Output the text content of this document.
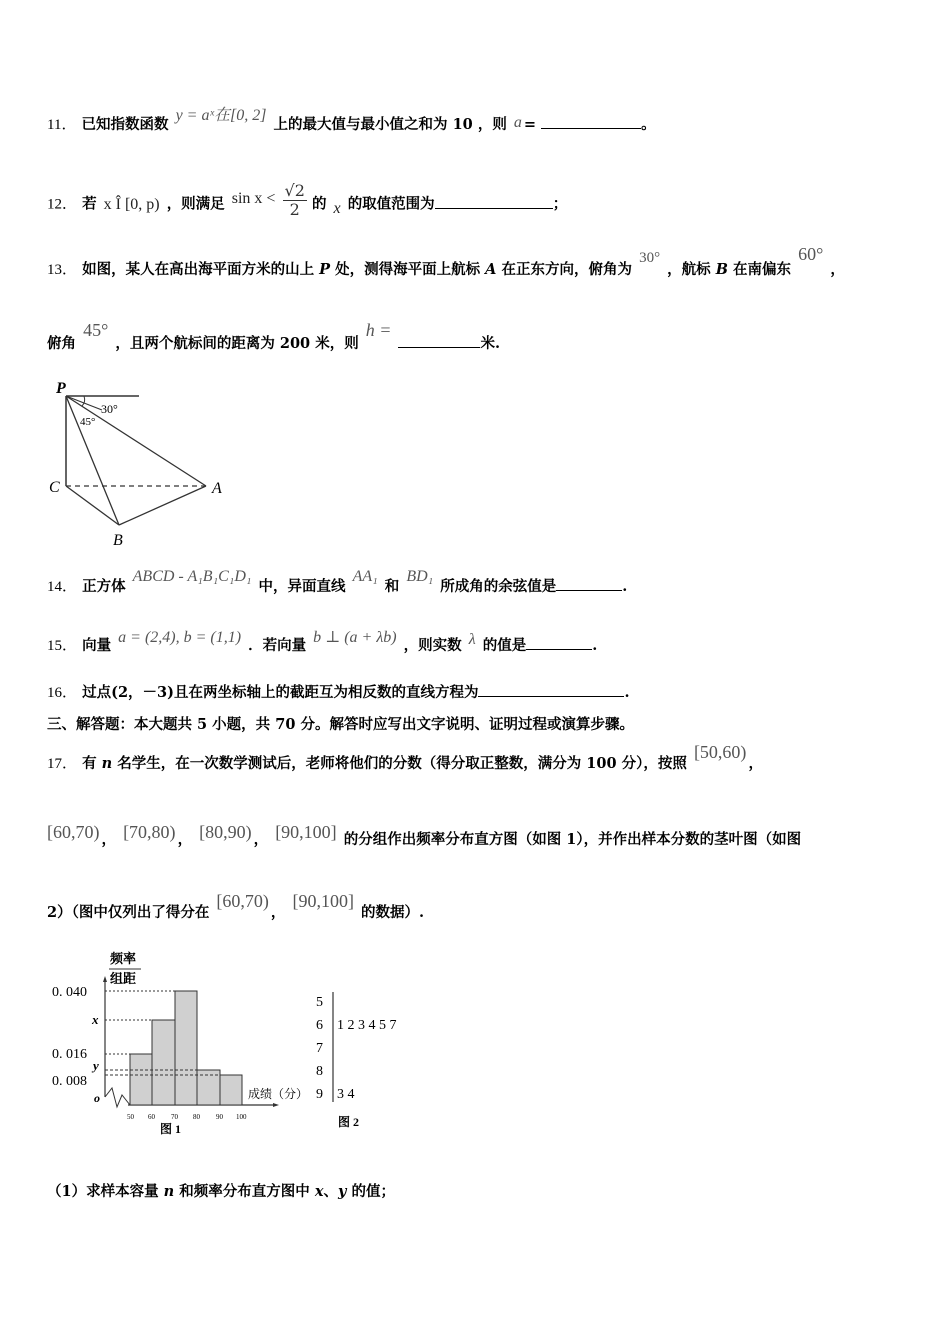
11． 已知指数函数 y = aˣ在[0, 2] 上的最大值与最小值之和为 10 ，则 a =	。
12． 若 x Î [0, p) ，则满足 $\sin x < \frac{√2}{2}$ 的 x 的取值范围为	；
13． 如图，某人在高出海平面方米的山上 P 处，测得海平面上航标 A 在正东方向，俯角为 30° ，航标 B 在南偏东 60° ，
俯角 45° ，且两个航标间的距离为 200 米，则 h = 米.
P
30°
45°
C	A
B
14． 正方体 ABCD - A₁B₁C₁D₁ 中，异面直线 AA₁ 和 BD₁ 所成角的余弦值是	.
15． 向量 a = (2,4), b = (1,1) ．若向量 b ⊥ (a + λb) ，则实数 λ 的值是	.
16． 过点(2，－3)且在两坐标轴上的截距互为相反数的直线方程为	.
三、解答题：本大题共 5 小题，共 70 分。解答时应写出文字说明、证明过程或演算步骤。
17． 有 n 名学生，在一次数学测试后，老师将他们的分数（得分取正整数，满分为 100 分），按照 [50,60)，
[60,70) ， [70,80) ， [80,90) ， [90,100] 的分组作出频率分布直方图（如图 1），并作出样本分数的茎叶图（如图
2）（图中仅列出了得分在 [60,70)， [90,100] 的数据）.
频率
组距
0. 040
x
0. 016
y
0. 008
o
50 60 70 80 90 100
成绩（分）
图 1
5
6 1 2 3 4 5 7
7
8
9 3 4
图 2
（1）求样本容量 n 和频率分布直方图中 x、y 的值；
